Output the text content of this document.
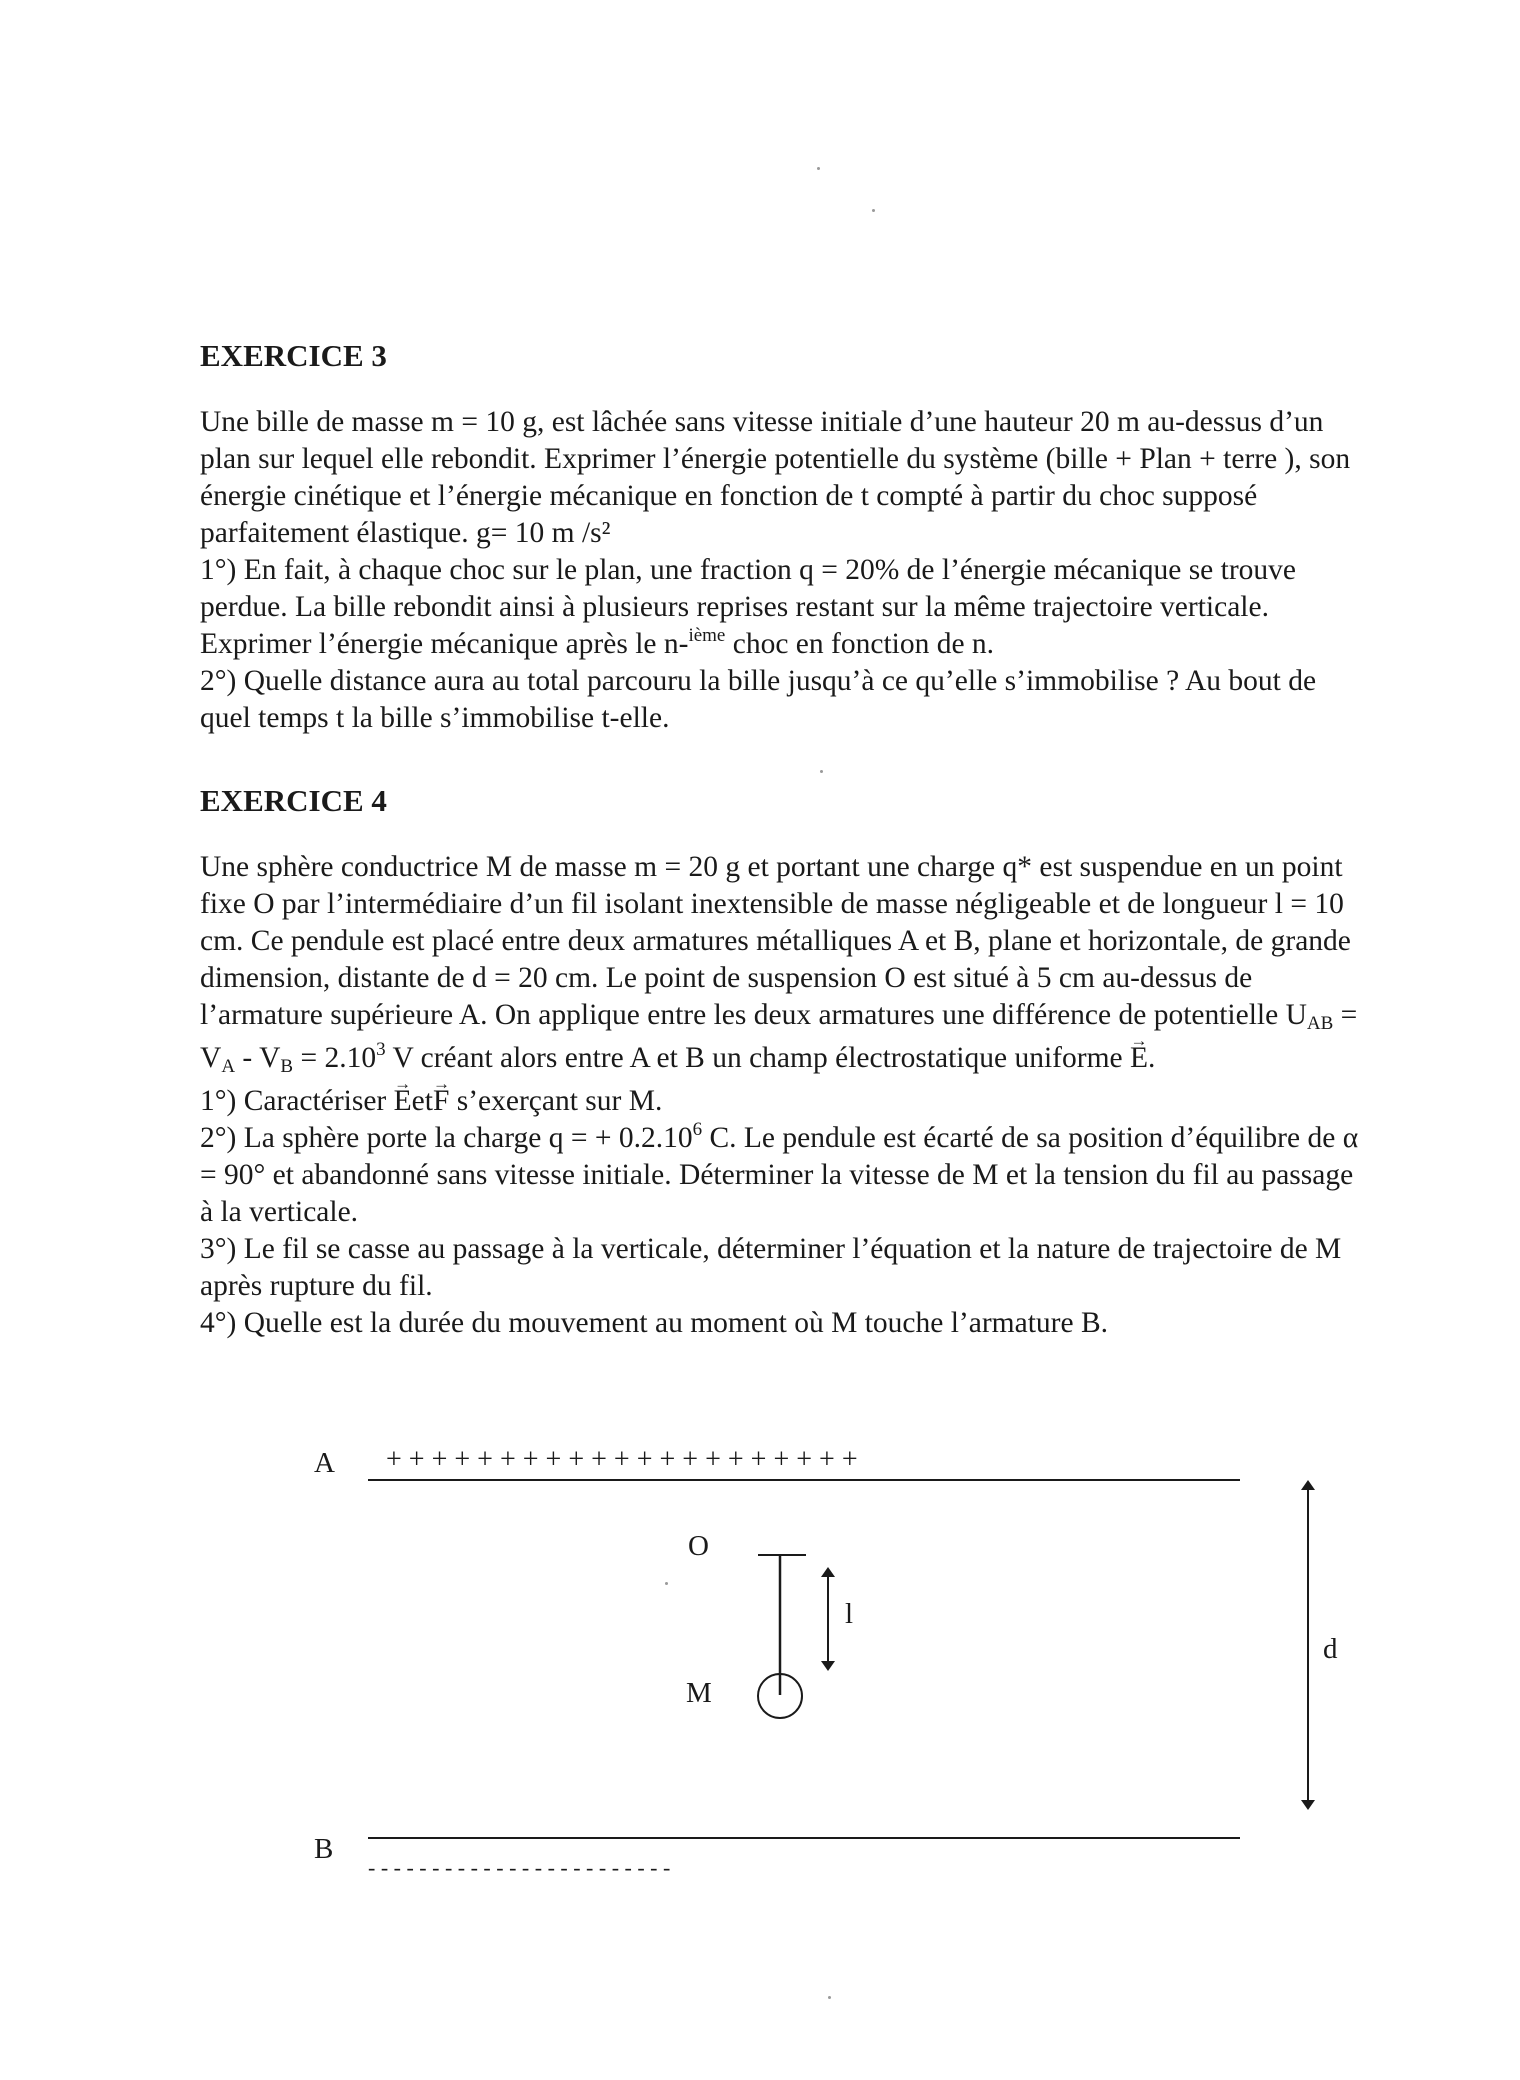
EXERCICE 3
Une bille de masse m = 10 g, est lâchée sans vitesse initiale d’une hauteur 20 m au-dessus d’un
plan sur lequel elle rebondit. Exprimer l’énergie potentielle du système (bille + Plan + terre ), son
énergie cinétique et l’énergie mécanique en fonction de t compté à partir du choc supposé
parfaitement élastique. g= 10 m /s²
1°) En fait, à chaque choc sur le plan, une fraction q = 20% de l’énergie mécanique se trouve
perdue. La bille rebondit ainsi à plusieurs reprises restant sur la même trajectoire verticale.
Exprimer l’énergie mécanique après le n-$^{ième}$ choc en fonction de n.
2°) Quelle distance aura au total parcouru la bille jusqu’à ce qu’elle s’immobilise ? Au bout de
quel temps t la bille s’immobilise t-elle.
EXERCICE 4
Une sphère conductrice M de masse m = 20 g et portant une charge q* est suspendue en un point
fixe O par l’intermédiaire d’un fil isolant inextensible de masse négligeable et de longueur l = 10
cm. Ce pendule est placé entre deux armatures métalliques A et B, plane et horizontale, de grande
dimension, distante de d = 20 cm. Le point de suspension O est situé à 5 cm au-dessus de
l’armature supérieure A. On applique entre les deux armatures une différence de potentielle $U_{AB}$ =
$V_A - V_B = 2.10^3$ V créant alors entre A et B un champ électrostatique uniforme → E.
1°) Caractériser → Eet→ F s’exerçant sur M.
2°) La sphère porte la charge q = + $0.2.10^6$ C. Le pendule est écarté de sa position d’équilibre de α
= 90° et abandonné sans vitesse initiale. Déterminer la vitesse de M et la tension du fil au passage
à la verticale.
3°) Le fil se casse au passage à la verticale, déterminer l’équation et la nature de trajectoire de M
après rupture du fil.
4°) Quelle est la durée du mouvement au moment où M touche l’armature B.
A + + + + + + + + + + + + + + + + + + + + +
O
M
l
d
B
- - - - - - - - - - - - - - - - - - - - - - - -
